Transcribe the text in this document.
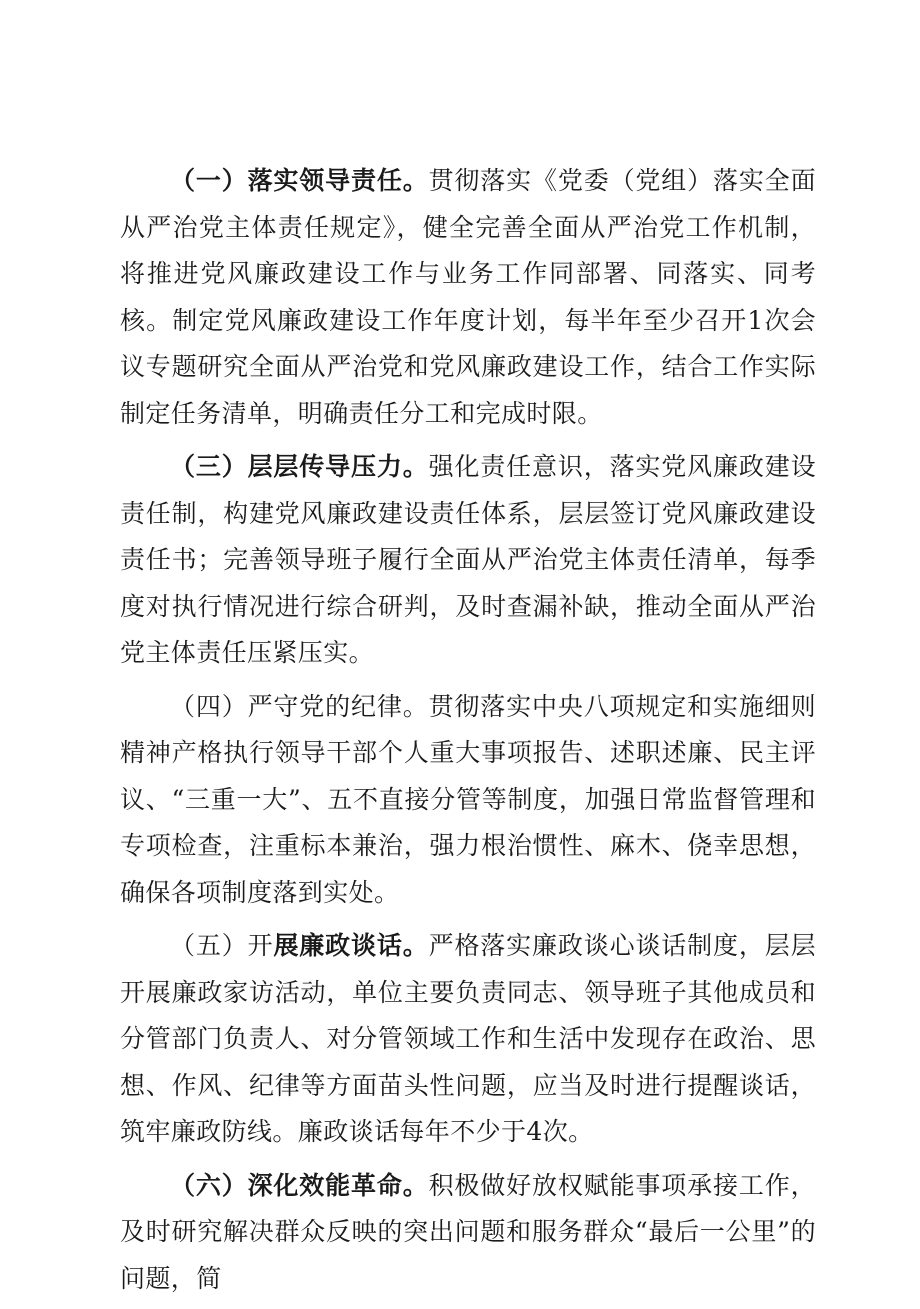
（一）落实领导责任。贯彻落实《党委（党组）落实全面从严治党主体责任规定》，健全完善全面从严治党工作机制，将推进党风廉政建设工作与业务工作同部署、同落实、同考核。制定党风廉政建设工作年度计划，每半年至少召开1次会议专题研究全面从严治党和党风廉政建设工作，结合工作实际制定任务清单，明确责任分工和完成时限。

（三）层层传导压力。强化责任意识，落实党风廉政建设责任制，构建党风廉政建设责任体系，层层签订党风廉政建设责任书；完善领导班子履行全面从严治党主体责任清单，每季度对执行情况进行综合研判，及时查漏补缺，推动全面从严治党主体责任压紧压实。

（四）严守党的纪律。贯彻落实中央八项规定和实施细则精神产格执行领导干部个人重大事项报告、述职述廉、民主评议、“三重一大”、五不直接分管等制度，加强日常监督管理和专项检查，注重标本兼治，强力根治惯性、麻木、侥幸思想，确保各项制度落到实处。

（五）开展廉政谈话。严格落实廉政谈心谈话制度，层层开展廉政家访活动，单位主要负责同志、领导班子其他成员和分管部门负责人、对分管领域工作和生活中发现存在政治、思想、作风、纪律等方面苗头性问题，应当及时进行提醒谈话，筑牢廉政防线。廉政谈话每年不少于4次。

（六）深化效能革命。积极做好放权赋能事项承接工作，及时研究解决群众反映的突出问题和服务群众“最后一公里”的问题，简
